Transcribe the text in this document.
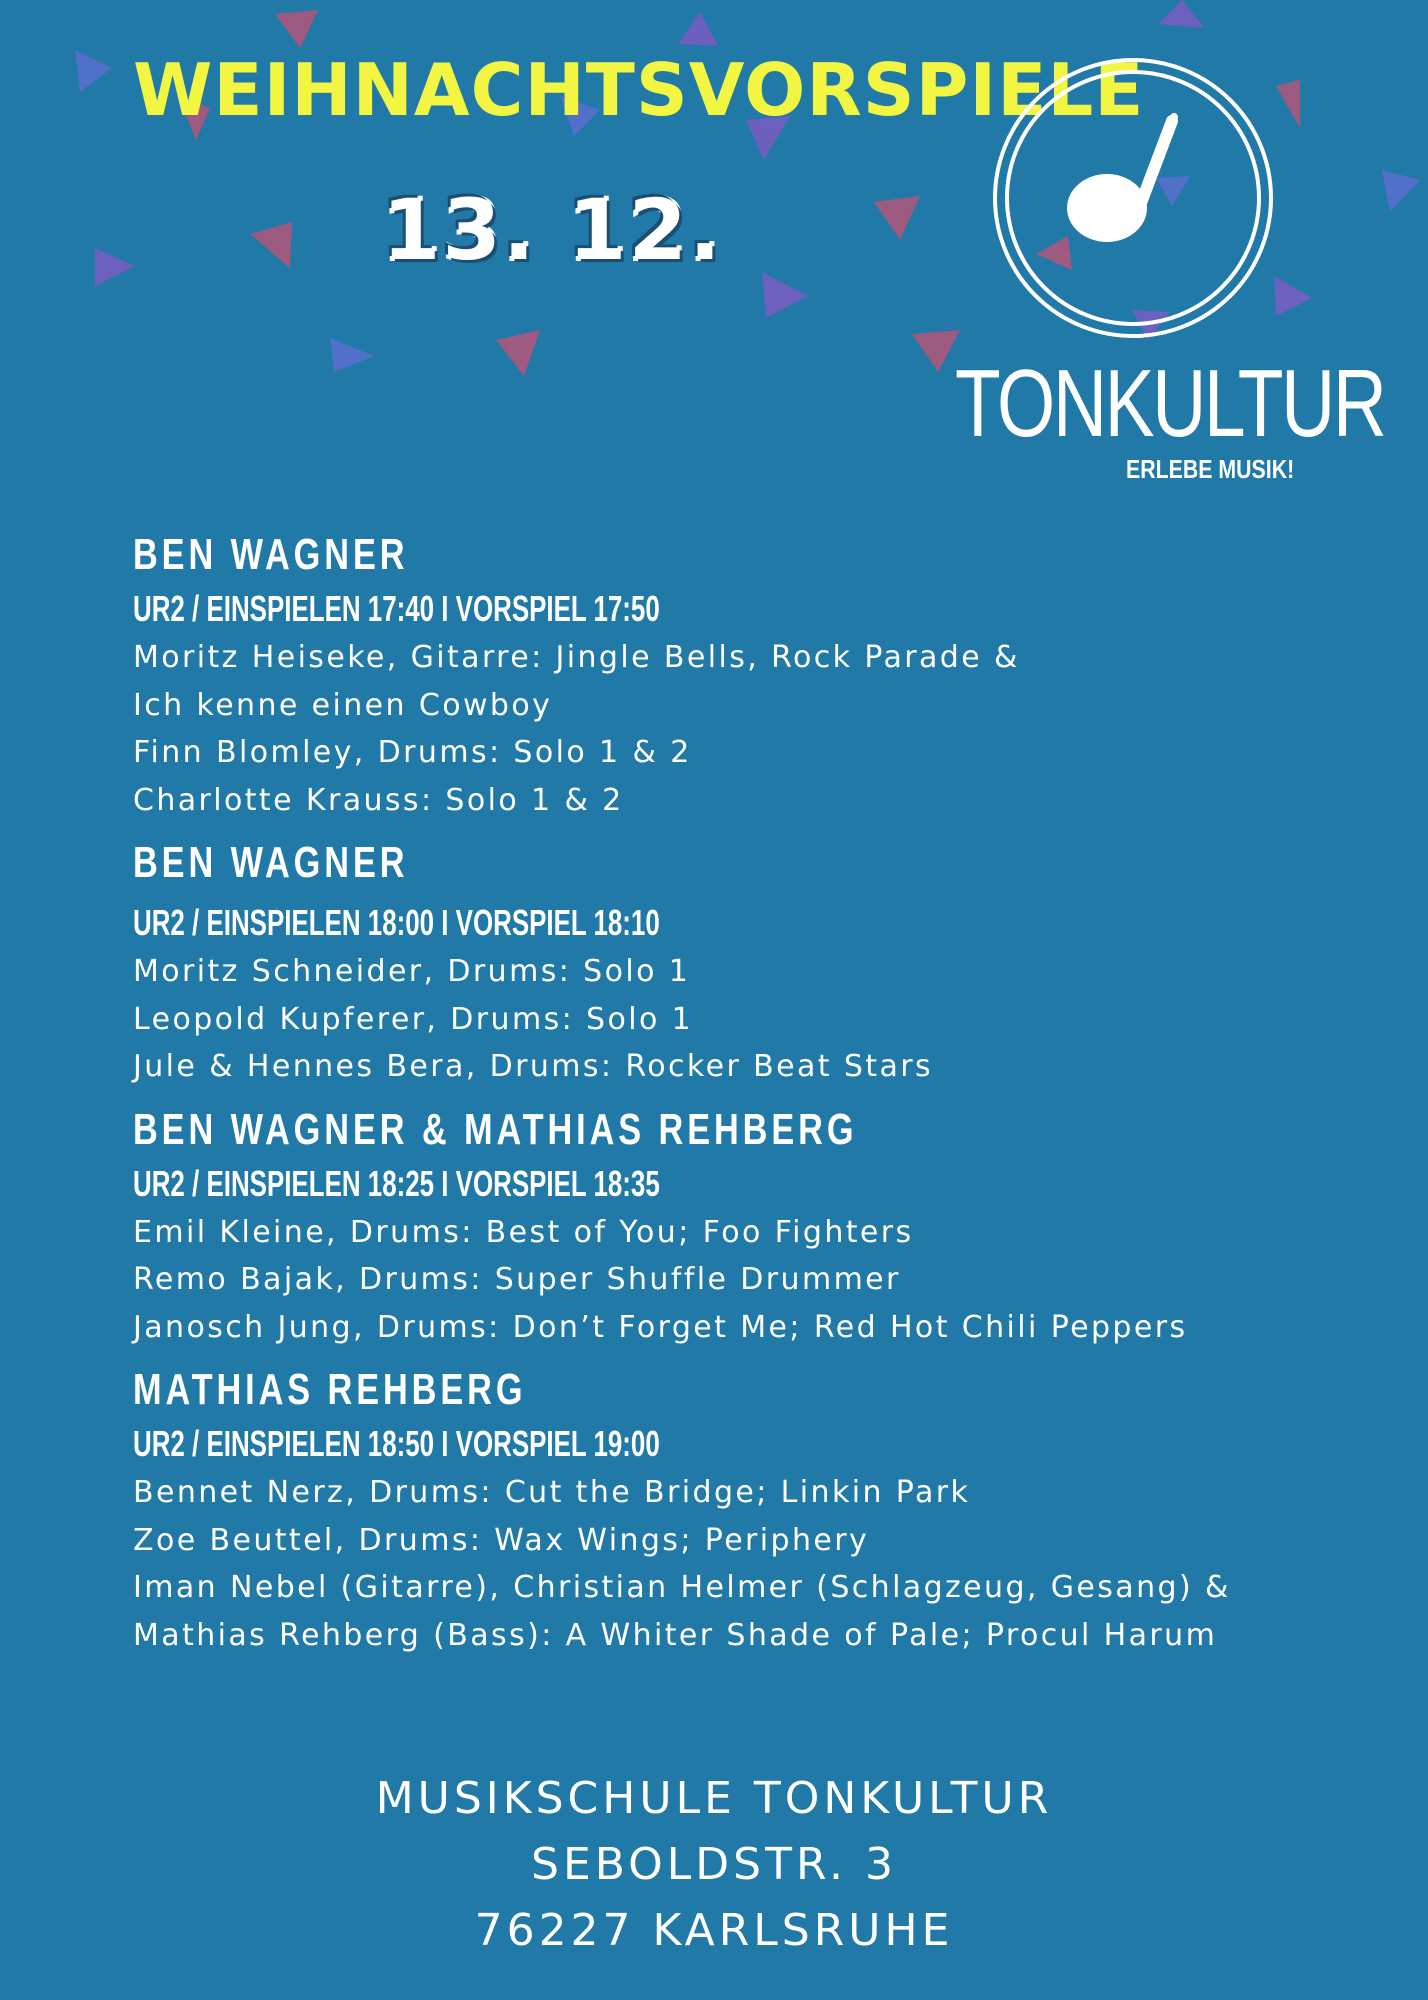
WEIHNACHTSVORSPIELE
13. 12.
TONKULTUR
ERLEBE MUSIK!
BEN WAGNER
UR2 / EINSPIELEN 17:40 I VORSPIEL 17:50
Moritz Heiseke, Gitarre: Jingle Bells, Rock Parade &
Ich kenne einen Cowboy
Finn Blomley, Drums: Solo 1 & 2
Charlotte Krauss: Solo 1 & 2
BEN WAGNER
UR2 / EINSPIELEN 18:00 I VORSPIEL 18:10
Moritz Schneider, Drums: Solo 1
Leopold Kupferer, Drums: Solo 1
Jule & Hennes Bera, Drums: Rocker Beat Stars
BEN WAGNER & MATHIAS REHBERG
UR2 / EINSPIELEN 18:25 I VORSPIEL 18:35
Emil Kleine, Drums: Best of You; Foo Fighters
Remo Bajak, Drums: Super Shuffle Drummer
Janosch Jung, Drums: Don’t Forget Me; Red Hot Chili Peppers
MATHIAS REHBERG
UR2 / EINSPIELEN 18:50 I VORSPIEL 19:00
Bennet Nerz, Drums: Cut the Bridge; Linkin Park
Zoe Beuttel, Drums: Wax Wings; Periphery
Iman Nebel (Gitarre), Christian Helmer (Schlagzeug, Gesang) &
Mathias Rehberg (Bass): A Whiter Shade of Pale; Procul Harum
MUSIKSCHULE TONKULTUR
SEBOLDSTR. 3
76227 KARLSRUHE
